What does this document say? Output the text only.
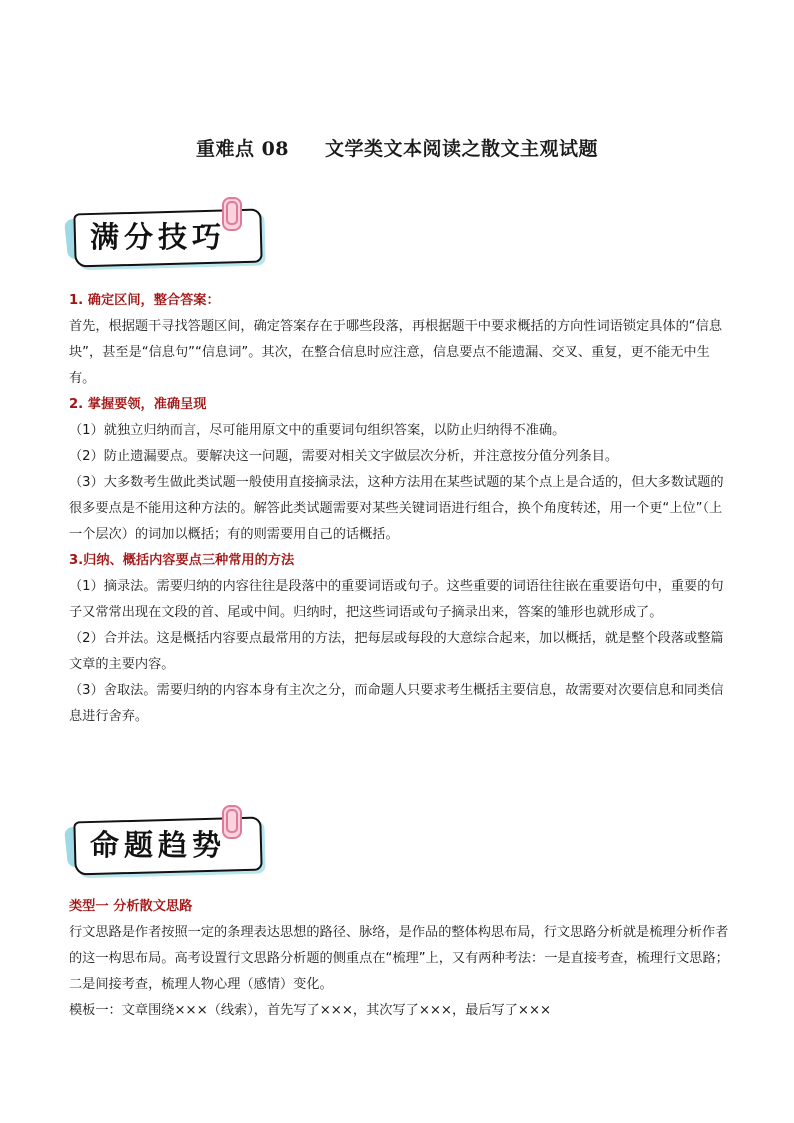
重难点 08 文学类文本阅读之散文主观试题
满分技巧

1. 确定区间，整合答案：

首先，根据题干寻找答题区间，确定答案存在于哪些段落，再根据题干中要求概括的方向性词语锁定具体的“信息块”，甚至是“信息句”“信息词”。其次，在整合信息时应注意，信息要点不能遗漏、交叉、重复，更不能无中生有。

2. 掌握要领，准确呈现

（1）就独立归纳而言，尽可能用原文中的重要词句组织答案，以防止归纳得不准确。

（2）防止遗漏要点。要解决这一问题，需要对相关文字做层次分析，并注意按分值分列条目。

（3）大多数考生做此类试题一般使用直接摘录法，这种方法用在某些试题的某个点上是合适的，但大多数试题的很多要点是不能用这种方法的。解答此类试题需要对某些关键词语进行组合，换个角度转述，用一个更“上位”（上一个层次）的词加以概括；有的则需要用自己的话概括。

3.归纳、概括内容要点三种常用的方法

（1）摘录法。需要归纳的内容往往是段落中的重要词语或句子。这些重要的词语往往嵌在重要语句中，重要的句子又常常出现在文段的首、尾或中间。归纳时，把这些词语或句子摘录出来，答案的雏形也就形成了。

（2）合并法。这是概括内容要点最常用的方法，把每层或每段的大意综合起来，加以概括，就是整个段落或整篇文章的主要内容。

（3）舍取法。需要归纳的内容本身有主次之分，而命题人只要求考生概括主要信息，故需要对次要信息和同类信息进行舍弃。

命题趋势

类型一 分析散文思路

行文思路是作者按照一定的条理表达思想的路径、脉络，是作品的整体构思布局，行文思路分析就是梳理分析作者的这一构思布局。高考设置行文思路分析题的侧重点在“梳理”上，又有两种考法：一是直接考查，梳理行文思路；二是间接考查，梳理人物心理（感情）变化。

模板一：文章围绕×××（线索），首先写了×××，其次写了×××，最后写了×××
